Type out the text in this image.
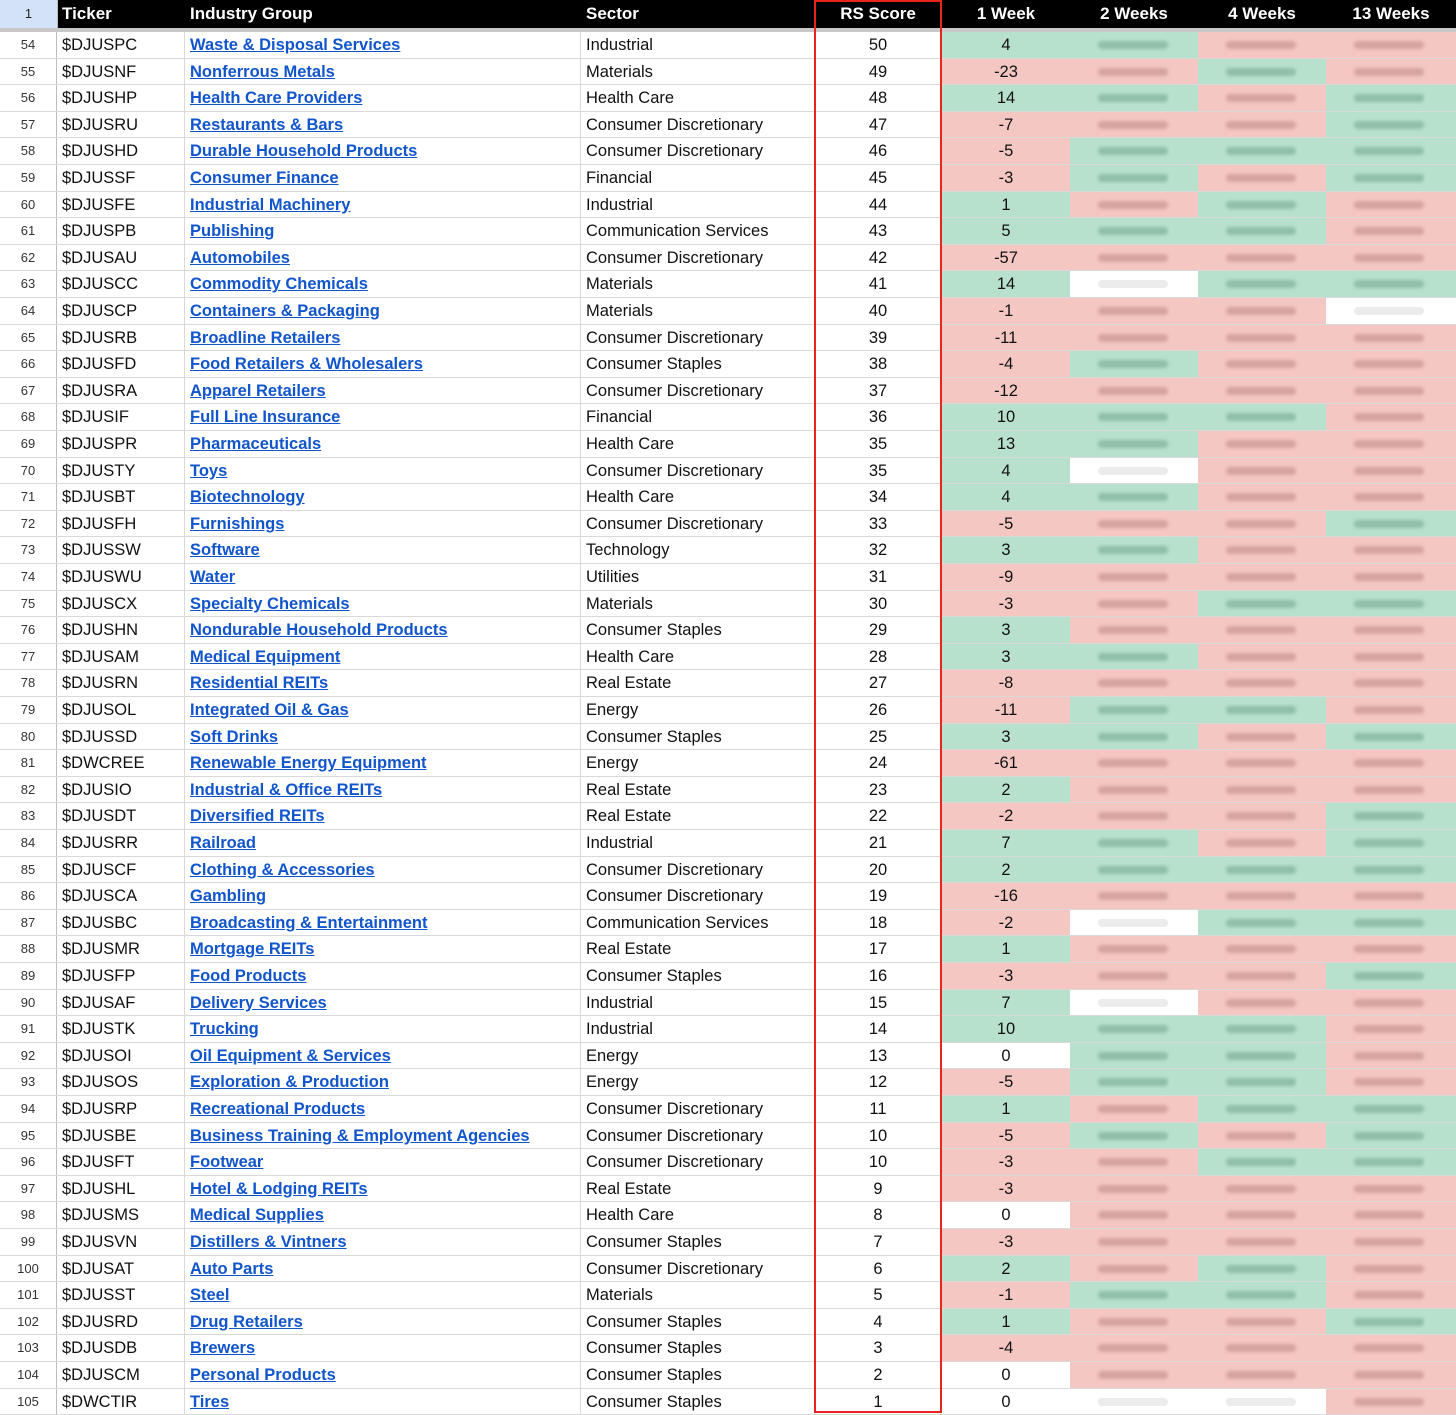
1	Ticker	Industry Group	Sector	RS Score	1 Week	2 Weeks	4 Weeks	13 Weeks
54	$DJUSPC	Waste & Disposal Services	Industrial	50	4
55	$DJUSNF	Nonferrous Metals	Materials	49	-23
56	$DJUSHP	Health Care Providers	Health Care	48	14
57	$DJUSRU	Restaurants & Bars	Consumer Discretionary	47	-7
58	$DJUSHD	Durable Household Products	Consumer Discretionary	46	-5
59	$DJUSSF	Consumer Finance	Financial	45	-3
60	$DJUSFE	Industrial Machinery	Industrial	44	1
61	$DJUSPB	Publishing	Communication Services	43	5
62	$DJUSAU	Automobiles	Consumer Discretionary	42	-57
63	$DJUSCC	Commodity Chemicals	Materials	41	14
64	$DJUSCP	Containers & Packaging	Materials	40	-1
65	$DJUSRB	Broadline Retailers	Consumer Discretionary	39	-11
66	$DJUSFD	Food Retailers & Wholesalers	Consumer Staples	38	-4
67	$DJUSRA	Apparel Retailers	Consumer Discretionary	37	-12
68	$DJUSIF	Full Line Insurance	Financial	36	10
69	$DJUSPR	Pharmaceuticals	Health Care	35	13
70	$DJUSTY	Toys	Consumer Discretionary	35	4
71	$DJUSBT	Biotechnology	Health Care	34	4
72	$DJUSFH	Furnishings	Consumer Discretionary	33	-5
73	$DJUSSW	Software	Technology	32	3
74	$DJUSWU	Water	Utilities	31	-9
75	$DJUSCX	Specialty Chemicals	Materials	30	-3
76	$DJUSHN	Nondurable Household Products	Consumer Staples	29	3
77	$DJUSAM	Medical Equipment	Health Care	28	3
78	$DJUSRN	Residential REITs	Real Estate	27	-8
79	$DJUSOL	Integrated Oil & Gas	Energy	26	-11
80	$DJUSSD	Soft Drinks	Consumer Staples	25	3
81	$DWCREE	Renewable Energy Equipment	Energy	24	-61
82	$DJUSIO	Industrial & Office REITs	Real Estate	23	2
83	$DJUSDT	Diversified REITs	Real Estate	22	-2
84	$DJUSRR	Railroad	Industrial	21	7
85	$DJUSCF	Clothing & Accessories	Consumer Discretionary	20	2
86	$DJUSCA	Gambling	Consumer Discretionary	19	-16
87	$DJUSBC	Broadcasting & Entertainment	Communication Services	18	-2
88	$DJUSMR	Mortgage REITs	Real Estate	17	1
89	$DJUSFP	Food Products	Consumer Staples	16	-3
90	$DJUSAF	Delivery Services	Industrial	15	7
91	$DJUSTK	Trucking	Industrial	14	10
92	$DJUSOI	Oil Equipment & Services	Energy	13	0
93	$DJUSOS	Exploration & Production	Energy	12	-5
94	$DJUSRP	Recreational Products	Consumer Discretionary	11	1
95	$DJUSBE	Business Training & Employment Agencies	Consumer Discretionary	10	-5
96	$DJUSFT	Footwear	Consumer Discretionary	10	-3
97	$DJUSHL	Hotel & Lodging REITs	Real Estate	9	-3
98	$DJUSMS	Medical Supplies	Health Care	8	0
99	$DJUSVN	Distillers & Vintners	Consumer Staples	7	-3
100	$DJUSAT	Auto Parts	Consumer Discretionary	6	2
101	$DJUSST	Steel	Materials	5	-1
102	$DJUSRD	Drug Retailers	Consumer Staples	4	1
103	$DJUSDB	Brewers	Consumer Staples	3	-4
104	$DJUSCM	Personal Products	Consumer Staples	2	0
105	$DWCTIR	Tires	Consumer Staples	1	0
